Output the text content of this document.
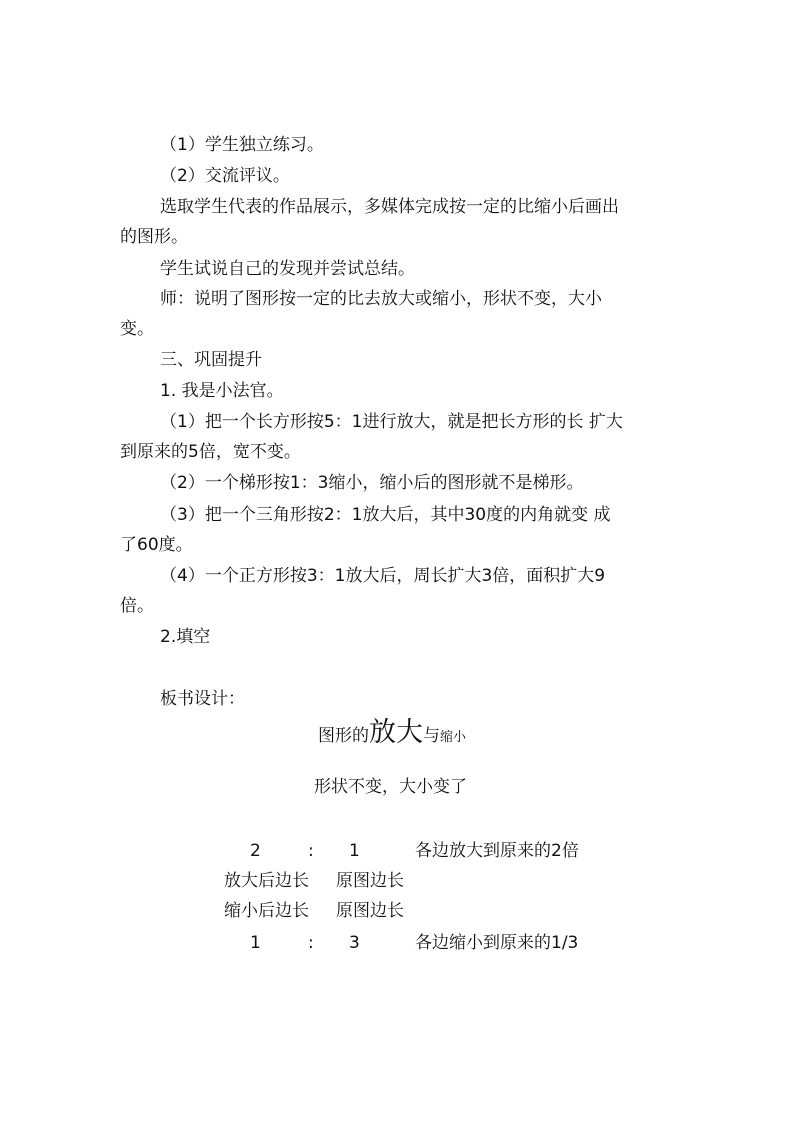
（1）学生独立练习。
（2）交流评议。
选取学生代表的作品展示，多媒体完成按一定的比缩小后画出
的图形。
学生试说自己的发现并尝试总结。
师：说明了图形按一定的比去放大或缩小，形状不变，大小
变。
三、巩固提升
1. 我是小法官。
（1）把一个长方形按5：1进行放大，就是把长方形的长 扩大
到原来的5倍，宽不变。
（2）一个梯形按1：3缩小，缩小后的图形就不是梯形。
（3）把一个三角形按2：1放大后，其中30度的内角就变 成
了60度。
（4）一个正方形按3：1放大后，周长扩大3倍，面积扩大9
倍。
2.填空
板书设计：
图形的放大与缩小
形状不变，大小变了
2	: 1	各边放大到原来的2倍
放大后边长 原图边长
缩小后边长 原图边长
1	: 3	各边缩小到原来的1/3
